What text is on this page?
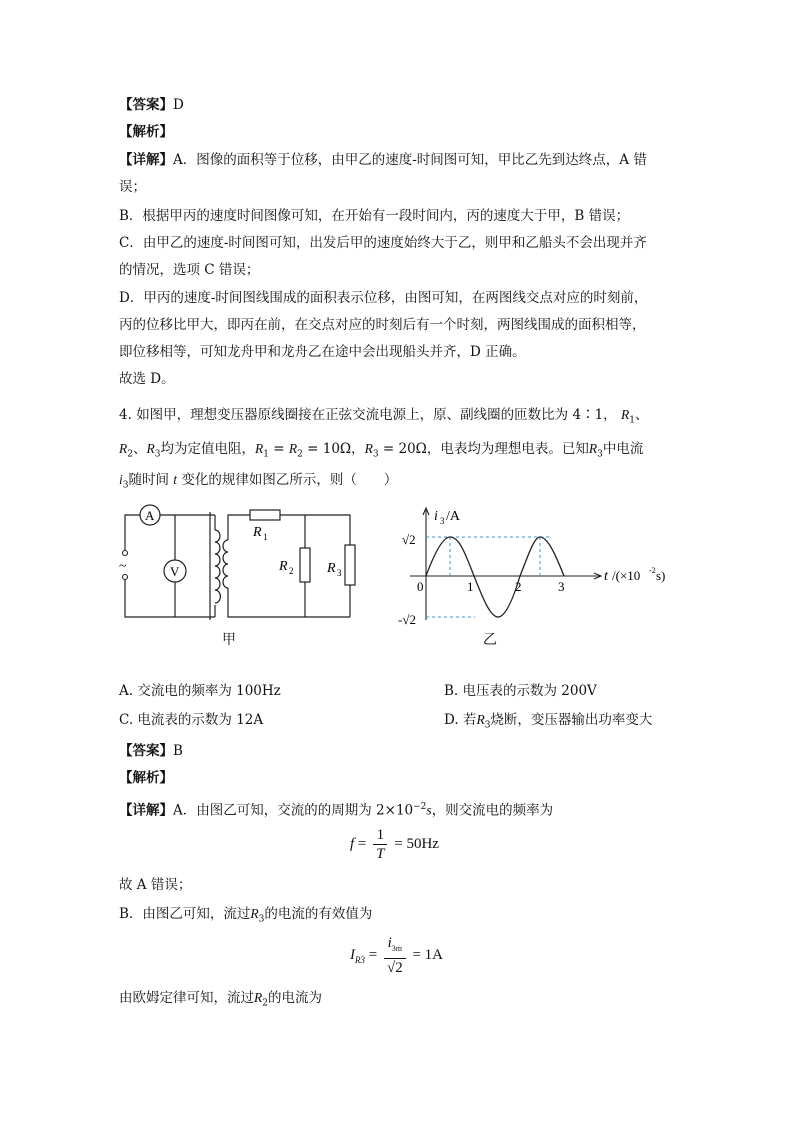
【答案】D
【解析】
【详解】A．图像的面积等于位移，由甲乙的速度-时间图可知，甲比乙先到达终点，A 错
误；
B．根据甲丙的速度时间图像可知，在开始有一段时间内，丙的速度大于甲，B 错误；
C．由甲乙的速度-时间图可知，出发后甲的速度始终大于乙，则甲和乙船头不会出现并齐
的情况，选项 C 错误；
D．甲丙的速度-时间图线围成的面积表示位移，由图可知，在两图线交点对应的时刻前，
丙的位移比甲大，即丙在前，在交点对应的时刻后有一个时刻，两图线围成的面积相等，
即位移相等，可知龙舟甲和龙舟乙在途中会出现船头并齐，D 正确。
故选 D。
4. 如图甲，理想变压器原线圈接在正弦交流电源上，原、副线圈的匝数比为 4∶1， $R_1$、
$R_2$、$R_3$均为定值电阻，$R_1 = R_2 = 10\Omega$，$R_3 = 20\Omega$，电表均为理想电表。已知$R_3$中电流
$i_3$随时间 t 变化的规律如图乙所示，则（　　）
~
A
V
R 1
R 2 R 3
甲
i 3 /A
√2
-√2
0	1	2	3
t /(×10 -2 s)
乙
A. 交流电的频率为 100Hz	B. 电压表的示数为 200V
C. 电流表的示数为 12A	D. 若$R_3$烧断，变压器输出功率变大
【答案】B
【解析】
【详解】A．由图乙可知，交流的的周期为 $2\times 10^{-2}s$，则交流电的频率为
$f = \frac{1}{T} = 50Hz$
故 A 错误；
B．由图乙可知，流过$R_3$的电流的有效值为
$I_{R3} = \frac{i_{3m}}{√2} = 1A$
由欧姆定律可知，流过$R_2$的电流为
